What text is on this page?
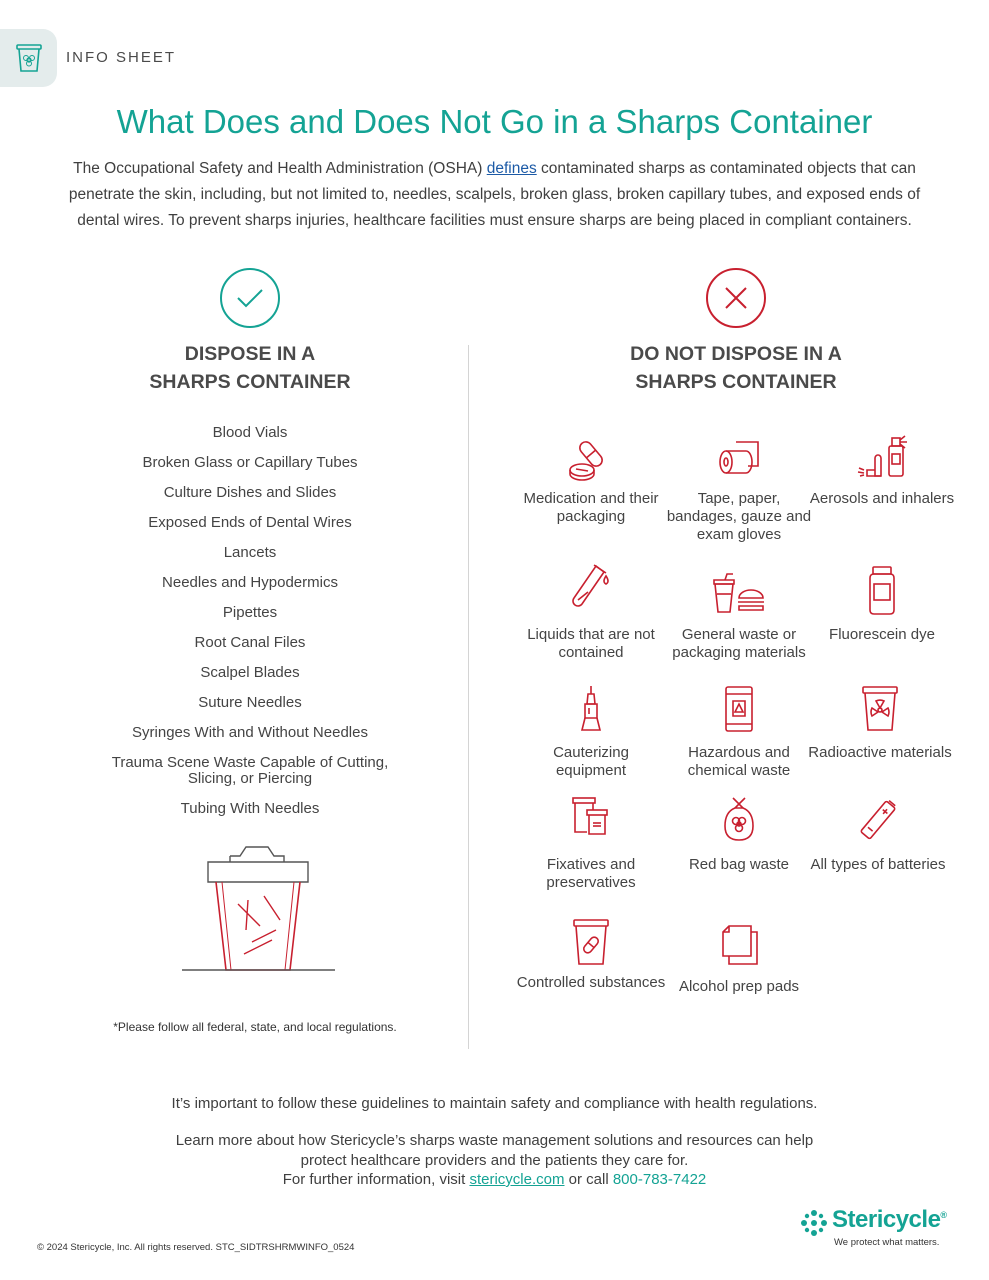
INFO SHEET
What Does and Does Not Go in a Sharps Container
The Occupational Safety and Health Administration (OSHA) defines contaminated sharps as contaminated objects that can penetrate the skin, including, but not limited to, needles, scalpels, broken glass, broken capillary tubes, and exposed ends of dental wires. To prevent sharps injuries, healthcare facilities must ensure sharps are being placed in compliant containers.
DISPOSE IN A
SHARPS CONTAINER
DO NOT DISPOSE IN A
SHARPS CONTAINER
Blood Vials
Broken Glass or Capillary Tubes
Culture Dishes and Slides
Exposed Ends of Dental Wires
Lancets
Needles and Hypodermics
Pipettes
Root Canal Files
Scalpel Blades
Suture Needles
Syringes With and Without Needles
Trauma Scene Waste Capable of Cutting, Slicing, or Piercing
Tubing With Needles
*Please follow all federal, state, and local regulations.
Medication and their packaging
Tape, paper, bandages, gauze and exam gloves
Aerosols and inhalers
Liquids that are not contained
General waste or packaging materials
Fluorescein dye
Cauterizing equipment
Hazardous and chemical waste
Radioactive materials
Fixatives and preservatives
Red bag waste	All types of batteries
Controlled substances Alcohol prep pads
It’s important to follow these guidelines to maintain safety and compliance with health regulations.
Learn more about how Stericycle’s sharps waste management solutions and resources can help
protect healthcare providers and the patients they care for.
For further information, visit stericycle.com or call 800-783-7422
© 2024 Stericycle, Inc. All rights reserved. STC_SIDTRSHRMWINFO_0524
Stericycle®
We protect what matters.
